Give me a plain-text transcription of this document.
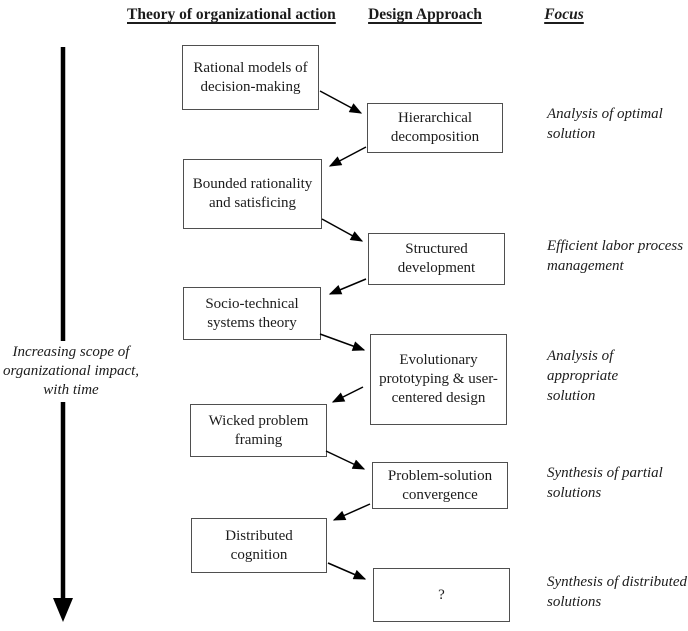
Theory of organizational action	Design Approach	Focus
Increasing scope of organizational impact, with time
Rational models of decision-making
Bounded rationality and satisficing
Socio-technical systems theory
Wicked problem framing
Distributed cognition
Hierarchical decomposition
Structured development
Evolutionary prototyping & user-centered design
Problem-solution convergence
?
Analysis of optimal solution
Efficient labor process management
Analysis of appropriate solution
Synthesis of partial solutions
Synthesis of distributed solutions
